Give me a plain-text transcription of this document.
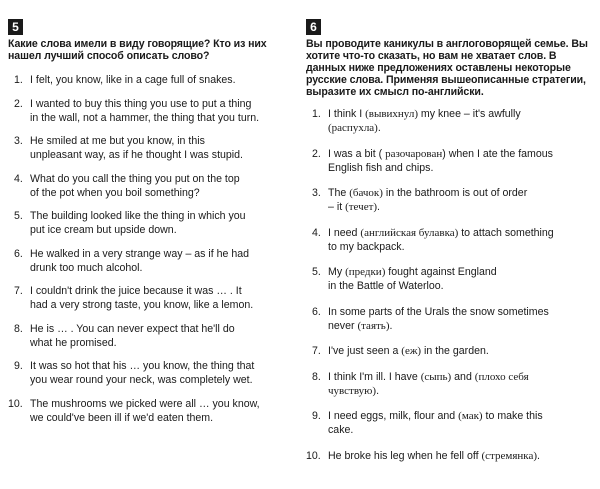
5

Какие слова имели в виду говорящие? Кто из них нашел лучший способ описать слово?

1. I felt, you know, like in a cage full of snakes.
2. I wanted to buy this thing you use to put a thing
in the wall, not a hammer, the thing that you turn.
3. He smiled at me but you know, in this
unpleasant way, as if he thought I was stupid.
4. What do you call the thing you put on the top
of the pot when you boil something?
5. The building looked like the thing in which you
put ice cream but upside down.
6. He walked in a very strange way – as if he had
drunk too much alcohol.
7. I couldn't drink the juice because it was … . It
had a very strong taste, you know, like a lemon.
8. He is … . You can never expect that he'll do
what he promised.
9. It was so hot that his … you know, the thing that
you wear round your neck, was completely wet.
10. The mushrooms we picked were all … you know,
we could've been ill if we'd eaten them.
6

Вы проводите каникулы в англоговорящей семье. Вы хотите что-то сказать, но вам не хватает слов. В данных ниже предложениях оставлены некоторые русские слова. Применяя вышеописанные стратегии, выразите их смысл по-английски.

1. I think I (вывихнул) my knee – it's awfully
(распухла).
2. I was a bit ( разочарован) when I ate the famous
English fish and chips.
3. The (бачок) in the bathroom is out of order
– it (течет).
4. I need (английская булавка) to attach something
to my backpack.
5. My (предки) fought against England
in the Battle of Waterloo.
6. In some parts of the Urals the snow sometimes
never (таять).
7. I've just seen a (еж) in the garden.
8. I think I'm ill. I have (сыпь) and (плохо себя
чувствую).
9. I need eggs, milk, flour and (мак) to make this
cake.
10. He broke his leg when he fell off (стремянка).
